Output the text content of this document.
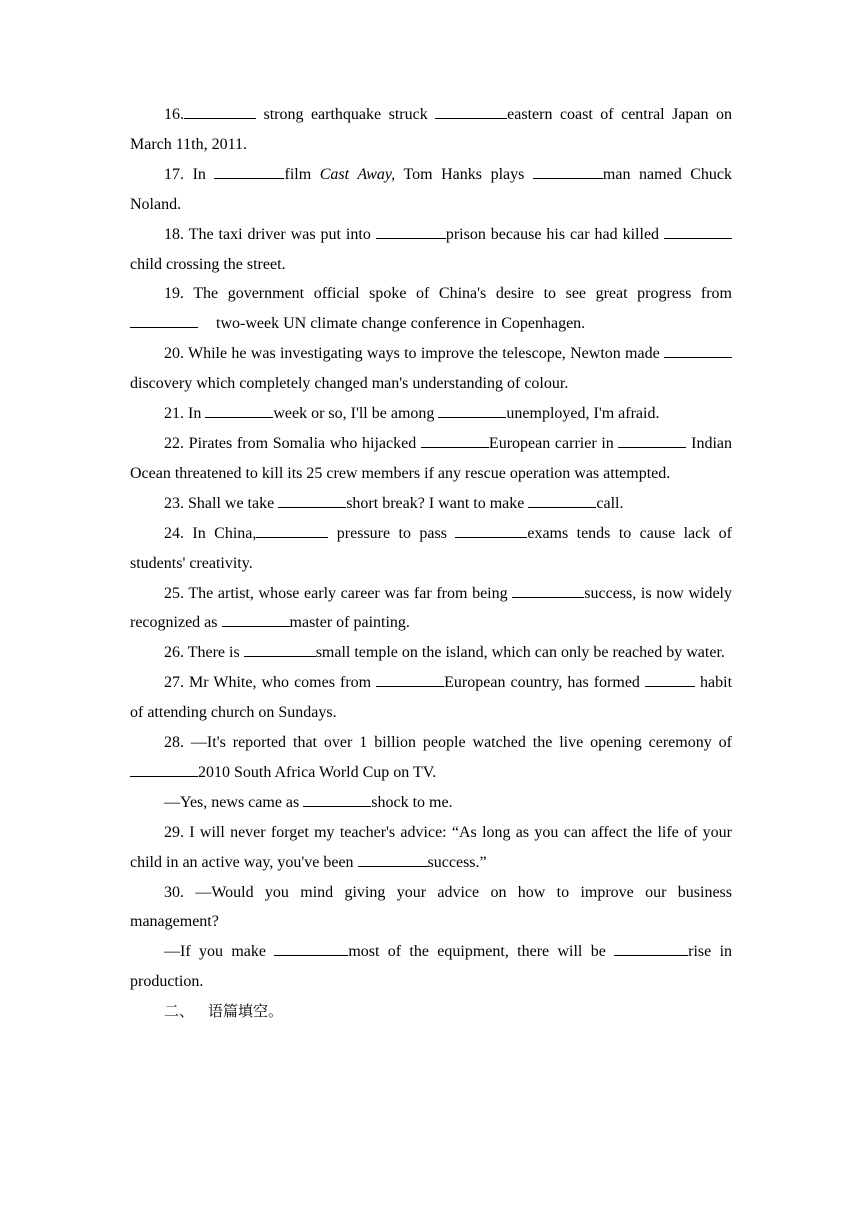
16.	strong earthquake struck	eastern coast of central Japan on March 11th, 2011.

17. In	film Cast Away, Tom Hanks plays	man named Chuck Noland.

18. The taxi driver was put into	prison because his car had killed child crossing the street.

19. The government official spoke of China's desire to see great progress from  two-week UN climate change conference in Copenhagen.

20. While he was investigating ways to improve the telescope, Newton made  discovery which completely changed man's understanding of colour.

21. In	week or so, I'll be among	unemployed, I'm afraid.

22. Pirates from Somalia who hijacked	European carrier in	Indian Ocean threatened to kill its 25 crew members if any rescue operation was attempted.

23. Shall we take	short break? I want to make	call.

24. In China,	pressure to pass	exams tends to cause lack of students' creativity.

25. The artist, whose early career was far from being	success, is now widely recognized as	master of painting.

26. There is	small temple on the island, which can only be reached by water.

27. Mr White, who comes from	European country, has formed	habit of attending church on Sundays.

28. —It's reported that over 1 billion people watched the live opening ceremony of 2010 South Africa World Cup on TV.

—Yes, news came as	shock to me.

29. I will never forget my teacher's advice: “As long as you can affect the life of your child in an active way, you've been	success.”

30. —Would you mind giving your advice on how to improve our business management?

—If you make	most of the equipment, there will be	rise in production.

二、 语篇填空。
